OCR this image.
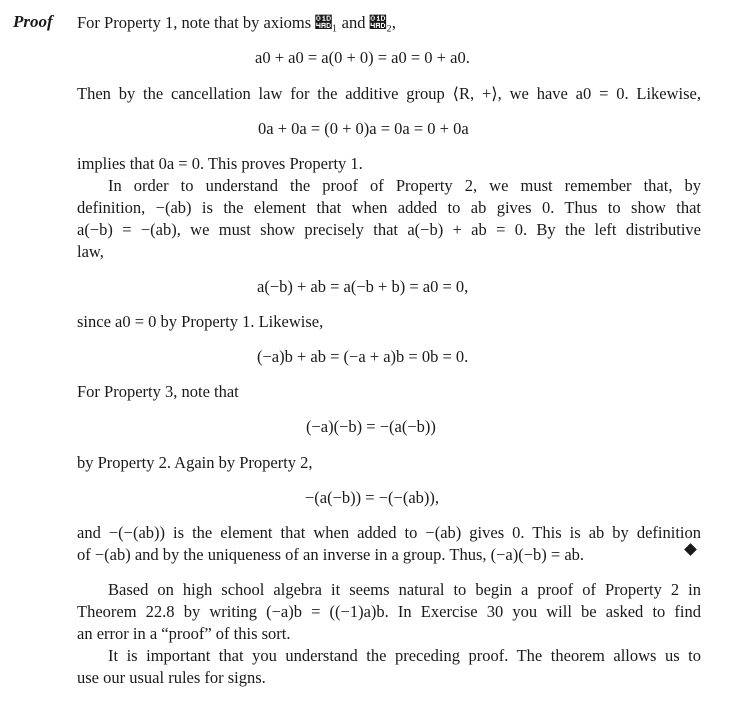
Proof For Property 1, note that by axioms 𝒭₁ and 𝒭₂,
a0 + a0 = a(0 + 0) = a0 = 0 + a0.
Then by the cancellation law for the additive group ⟨R, +⟩, we have a0 = 0. Likewise,
0a + 0a = (0 + 0)a = 0a = 0 + 0a
implies that 0a = 0. This proves Property 1.
In order to understand the proof of Property 2, we must remember that, by
definition, −(ab) is the element that when added to ab gives 0. Thus to show that
a(−b) = −(ab), we must show precisely that a(−b) + ab = 0. By the left distributive
law,
a(−b) + ab = a(−b + b) = a0 = 0,
since a0 = 0 by Property 1. Likewise,
(−a)b + ab = (−a + a)b = 0b = 0.
For Property 3, note that
(−a)(−b) = −(a(−b))
by Property 2. Again by Property 2,
−(a(−b)) = −(−(ab)),
and −(−(ab)) is the element that when added to −(ab) gives 0. This is ab by definition
of −(ab) and by the uniqueness of an inverse in a group. Thus, (−a)(−b) = ab.
Based on high school algebra it seems natural to begin a proof of Property 2 in
Theorem 22.8 by writing (−a)b = ((−1)a)b. In Exercise 30 you will be asked to find
an error in a “proof” of this sort.
It is important that you understand the preceding proof. The theorem allows us to
use our usual rules for signs.
